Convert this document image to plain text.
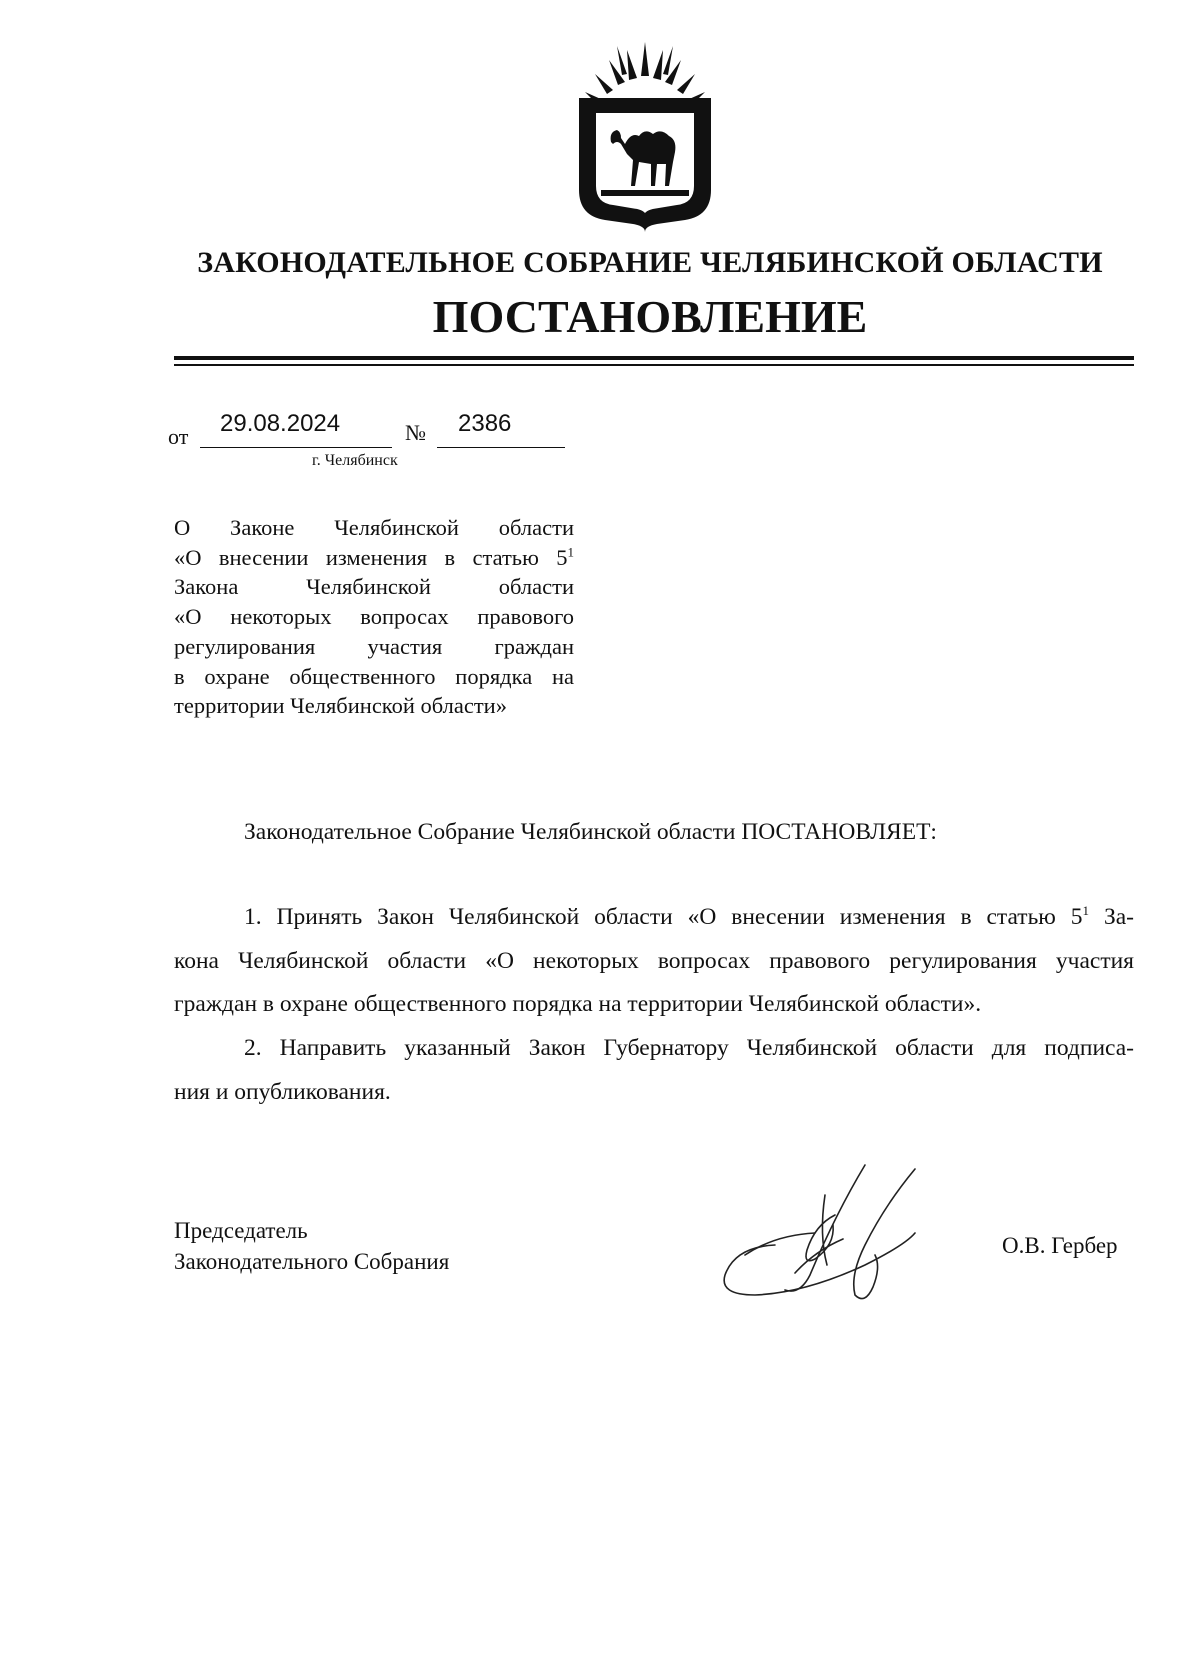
ЗАКОНОДАТЕЛЬНОЕ СОБРАНИЕ ЧЕЛЯБИНСКОЙ ОБЛАСТИ
ПОСТАНОВЛЕНИЕ
от 29.08.2024	№ 2386
г. Челябинск
О Законе Челябинской области
«О внесении изменения в статью $5^1$
Закона Челябинской области
«О некоторых вопросах правового
регулирования участия граждан
в охране общественного порядка на
территории Челябинской области»
Законодательное Собрание Челябинской области ПОСТАНОВЛЯЕТ:
1. Принять Закон Челябинской области «О внесении изменения в статью $5^1$ За-
кона Челябинской области «О некоторых вопросах правового регулирования участия
граждан в охране общественного порядка на территории Челябинской области».
2. Направить указанный Закон Губернатору Челябинской области для подписа-
ния и опубликования.
Председатель
Законодательного Собрания
О.В. Гербер
